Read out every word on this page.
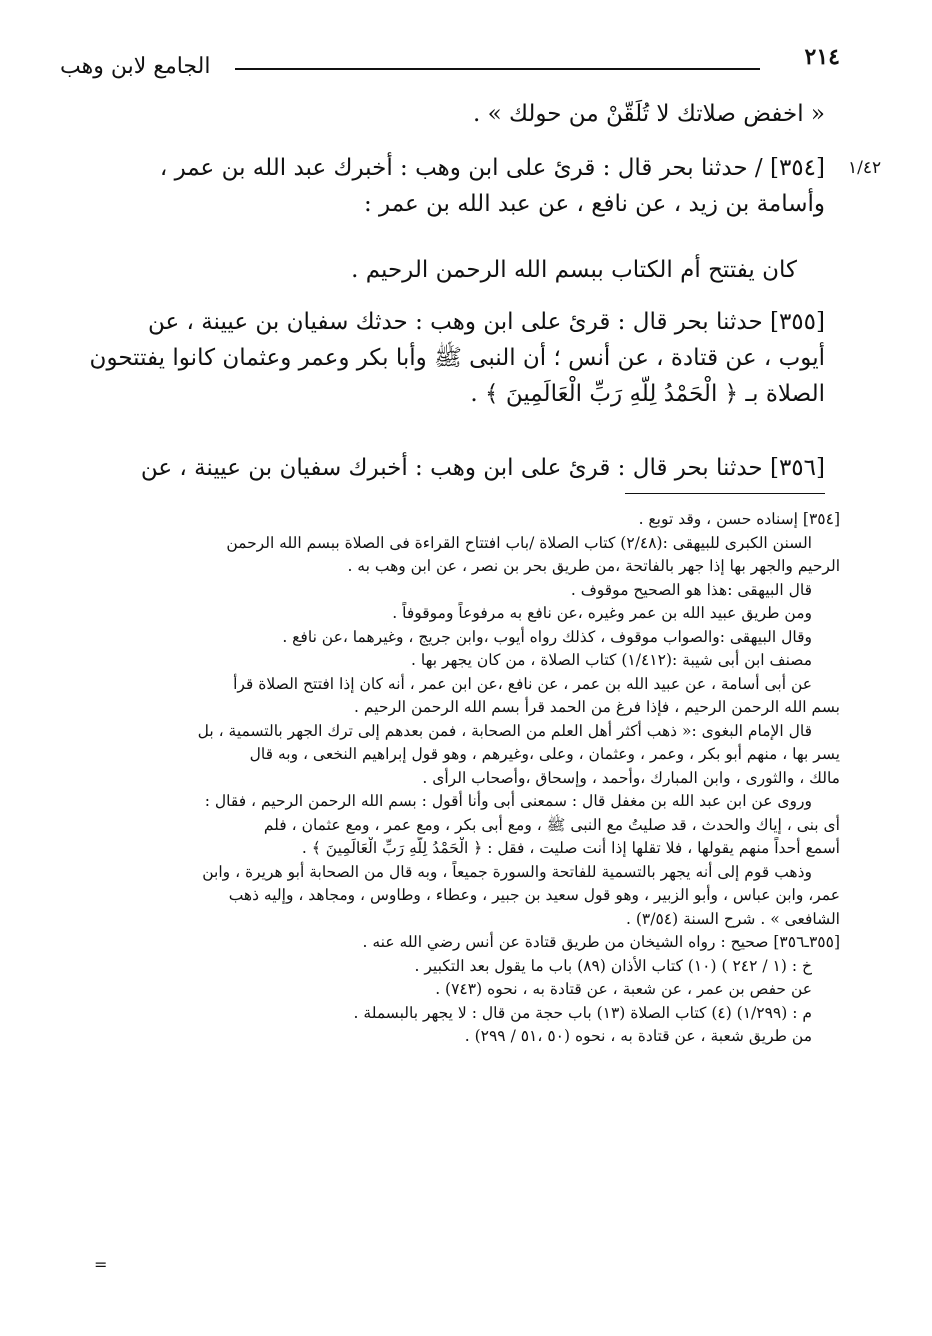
٢١٤
الجامع لابن وهب
١/٤٢

« اخفض صلاتك لا تُلَقّنْ من حولك » .

[٣٥٤] / حدثنا بحر قال : قرئ على ابن وهب : أخبرك عبد الله بن عمر ،

وأسامة بن زيد ، عن نافع ، عن عبد الله بن عمر :

كان يفتتح أم الكتاب ببسم الله الرحمن الرحيم .

[٣٥٥] حدثنا بحر قال : قرئ على ابن وهب : حدثك سفيان بن عيينة ، عن

أيوب ، عن قتادة ، عن أنس ؛ أن النبى ﷺ وأبا بكر وعمر وعثمان كانوا يفتتحون

الصلاة بـ ﴿ الْحَمْدُ لِلَّهِ رَبِّ الْعَالَمِينَ ﴾ .

[٣٥٦] حدثنا بحر قال : قرئ على ابن وهب : أخبرك سفيان بن عيينة ، عن

[٣٥٤] إسناده حسن ، وقد توبع .

السنن الكبرى للبيهقى :(٢/٤٨) كتاب الصلاة /باب افتتاح القراءة فى الصلاة ببسم الله الرحمن

الرحيم والجهر بها إذا جهر بالفاتحة ،من طريق بحر بن نصر ، عن ابن وهب به .

قال البيهقى :هذا هو الصحيح موقوف .

ومن طريق عبيد الله بن عمر وغيره ،عن نافع به مرفوعاً وموقوفاً .

وقال البيهقى :والصواب موقوف ، كذلك رواه أيوب ،وابن جريج ، وغيرهما ،عن نافع .

مصنف ابن أبى شيبة :(١/٤١٢) كتاب الصلاة ، من كان يجهر بها .

عن أبى أسامة ، عن عبيد الله بن عمر ، عن نافع ،عن ابن عمر ، أنه كان إذا افتتح الصلاة قرأ

بسم الله الرحمن الرحيم ، فإذا فرغ من الحمد قرأ بسم الله الرحمن الرحيم .

قال الإمام البغوى :« ذهب أكثر أهل العلم من الصحابة ، فمن بعدهم إلى ترك الجهر بالتسمية ، بل

يسر بها ، منهم أبو بكر ، وعمر ، وعثمان ، وعلى ،وغيرهم ، وهو قول إبراهيم النخعى ، وبه قال

مالك ، والثورى ، وابن المبارك ،وأحمد ، وإسحاق ،وأصحاب الرأى .

وروى عن ابن عبد الله بن مغفل قال : سمعنى أبى وأنا أقول : بسم الله الرحمن الرحيم ، فقال :

أى بنى ، إياك والحدث ، قد صليتُ مع النبى ﷺ ، ومع أبى بكر ، ومع عمر ، ومع عثمان ، فلم

أسمع أحداً منهم يقولها ، فلا تقلها إذا أنت صليت ، فقل : ﴿ الْحَمْدُ لِلَّهِ رَبِّ الْعَالَمِينَ ﴾ .

وذهب قوم إلى أنه يجهر بالتسمية للفاتحة والسورة جميعاً ، وبه قال من الصحابة أبو هريرة ، وابن

عمر، وابن عباس ، وأبو الزبير ، وهو قول سعيد بن جبير ، وعطاء ، وطاوس ، ومجاهد ، وإليه ذهب

الشافعى » . شرح السنة (٣/٥٤) .

[٣٥٥ـ٣٥٦] صحيح : رواه الشيخان من طريق قتادة عن أنس رضي الله عنه .

خ : (١ / ٢٤٢ ) (١٠) كتاب الأذان (٨٩) باب ما يقول بعد التكبير .

عن حفص بن عمر ، عن شعبة ، عن قتادة به ، نحوه (٧٤٣) .

م : (١/٢٩٩) (٤) كتاب الصلاة (١٣) باب حجة من قال : لا يجهر بالبسملة .

من طريق شعبة ، عن قتادة به ، نحوه (٥٠ ،٥١ / ٢٩٩) .

=
